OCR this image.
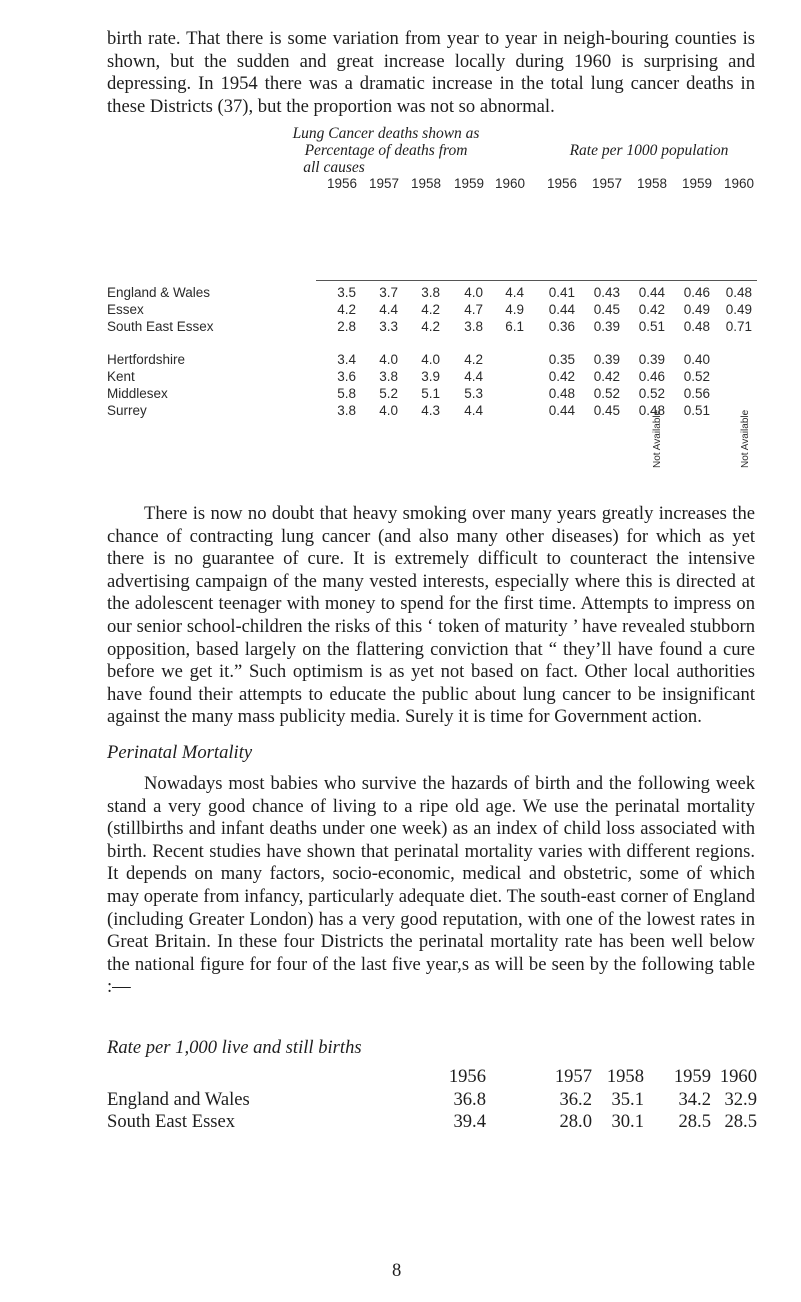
birth rate. That there is some variation from year to year in neigh-bouring counties is shown, but the sudden and great increase locally during 1960 is surprising and depressing. In 1954 there was a dramatic increase in the total lung cancer deaths in these Districts (37), but the proportion was not so abnormal.

Lung Cancer deaths shown as
Percentage of deaths from
all causes
Rate per 1000 population
1956	1956
1957	1957
1958	1958
1959	1959
1960	1960
England & Wales	3.5	3.7	3.8	4.0	4.4	0.41	0.43	0.44	0.46	0.48
Essex	4.2	4.4	4.2	4.7	4.9	0.44	0.45	0.42	0.49	0.49
South East Essex	2.8	3.3	4.2	3.8	6.1	0.36	0.39	0.51	0.48	0.71
Hertfordshire	3.4	4.0	4.0	4.2	0.35	0.39	0.39	0.40
Kent	3.6	3.8	3.9	4.4	0.42	0.42	0.46	0.52
Middlesex	5.8	5.2	5.1	5.3	0.48	0.52	0.52	0.56
Surrey	3.8	4.0	4.3	4.4	0.44	0.45	0.48	0.51
Not Available	Not Available

There is now no doubt that heavy smoking over many years greatly increases the chance of contracting lung cancer (and also many other diseases) for which as yet there is no guarantee of cure. It is extremely difficult to counteract the intensive advertising campaign of the many vested interests, especially where this is directed at the adolescent teenager with money to spend for the first time. Attempts to impress on our senior school-children the risks of this ‘ token of maturity ’ have revealed stubborn opposition, based largely on the flattering conviction that “ they’ll have found a cure before we get it.” Such optimism is as yet not based on fact. Other local authorities have found their attempts to educate the public about lung cancer to be insignificant against the many mass publicity media. Surely it is time for Government action.

Perinatal Mortality

Nowadays most babies who survive the hazards of birth and the following week stand a very good chance of living to a ripe old age. We use the perinatal mortality (stillbirths and infant deaths under one week) as an index of child loss associated with birth. Recent studies have shown that perinatal mortality varies with different regions. It depends on many factors, socio-economic, medical and obstetric, some of which may operate from infancy, particularly adequate diet. The south-east corner of England (including Greater London) has a very good reputation, with one of the lowest rates in Great Britain. In these four Districts the perinatal mortality rate has been well below the national figure for four of the last five year,s as will be seen by the following table :—

Rate per 1,000 live and still births
1956	1957 1958	1959 1960
England and Wales	36.8	36.2	35.1	34.2 32.9
South East Essex	39.4	28.0	30.1	28.5 28.5
8
